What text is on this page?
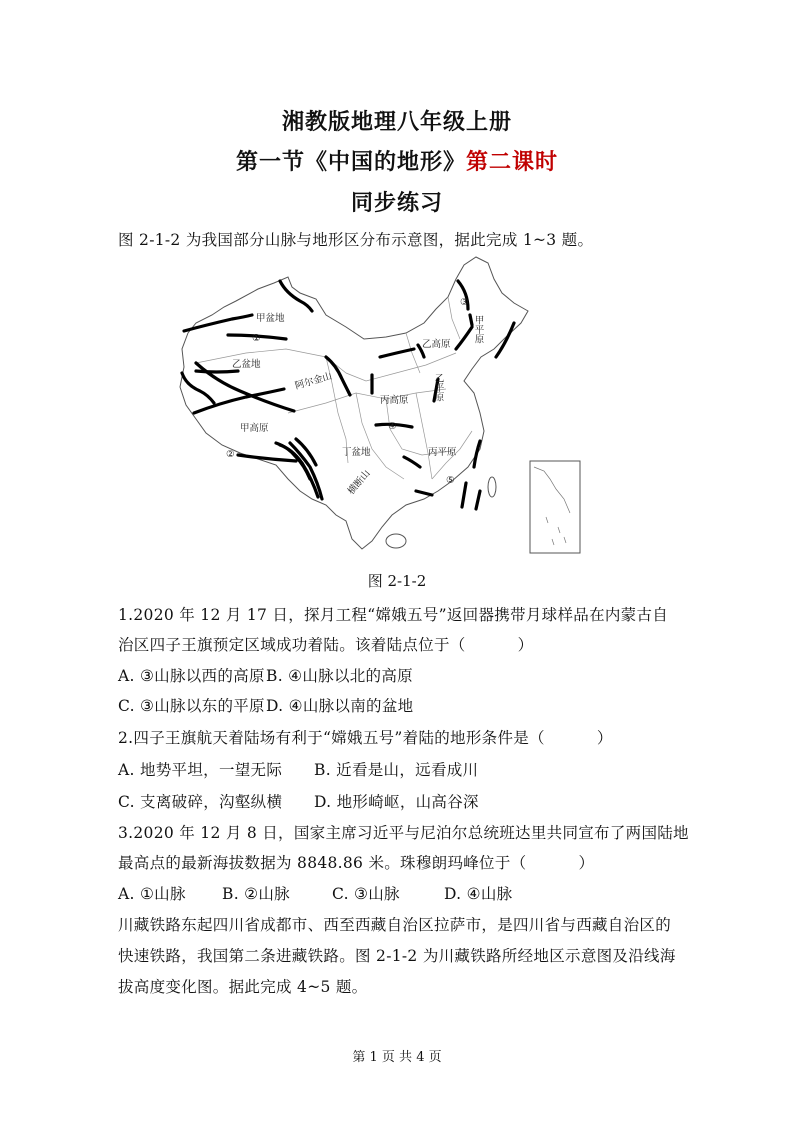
湘教版地理八年级上册
第一节《中国的地形》第二课时
同步练习
图 2-1-2 为我国部分山脉与地形区分布示意图，据此完成 1~3 题。
甲盆地
乙盆地
甲高原
乙高原
丙高原
丁盆地	丙平原
阿尔金山
横断山
乙平原
甲平原
①
②
③
④
⑤
图 2-1-2
1.2020 年 12 月 17 日，探月工程“嫦娥五号”返回器携带月球样品在内蒙古自
治区四子王旗预定区域成功着陆。该着陆点位于（	）
A. ③山脉以西的高原B. ④山脉以北的高原
C. ③山脉以东的平原D. ④山脉以南的盆地
2.四子王旗航天着陆场有利于“嫦娥五号”着陆的地形条件是（	）
A. 地势平坦，一望无际 B. 近看是山，远看成川
C. 支离破碎，沟壑纵横 D. 地形崎岖，山高谷深
3.2020 年 12 月 8 日，国家主席习近平与尼泊尔总统班达里共同宣布了两国陆地
最高点的最新海拔数据为 8848.86 米。珠穆朗玛峰位于（	）
A. ①山脉 B. ②山脉	C. ③山脉	D. ④山脉
川藏铁路东起四川省成都市、西至西藏自治区拉萨市，是四川省与西藏自治区的
快速铁路，我国第二条进藏铁路。图 2-1-2 为川藏铁路所经地区示意图及沿线海
拔高度变化图。据此完成 4~5 题。
第 1 页 共 4 页
